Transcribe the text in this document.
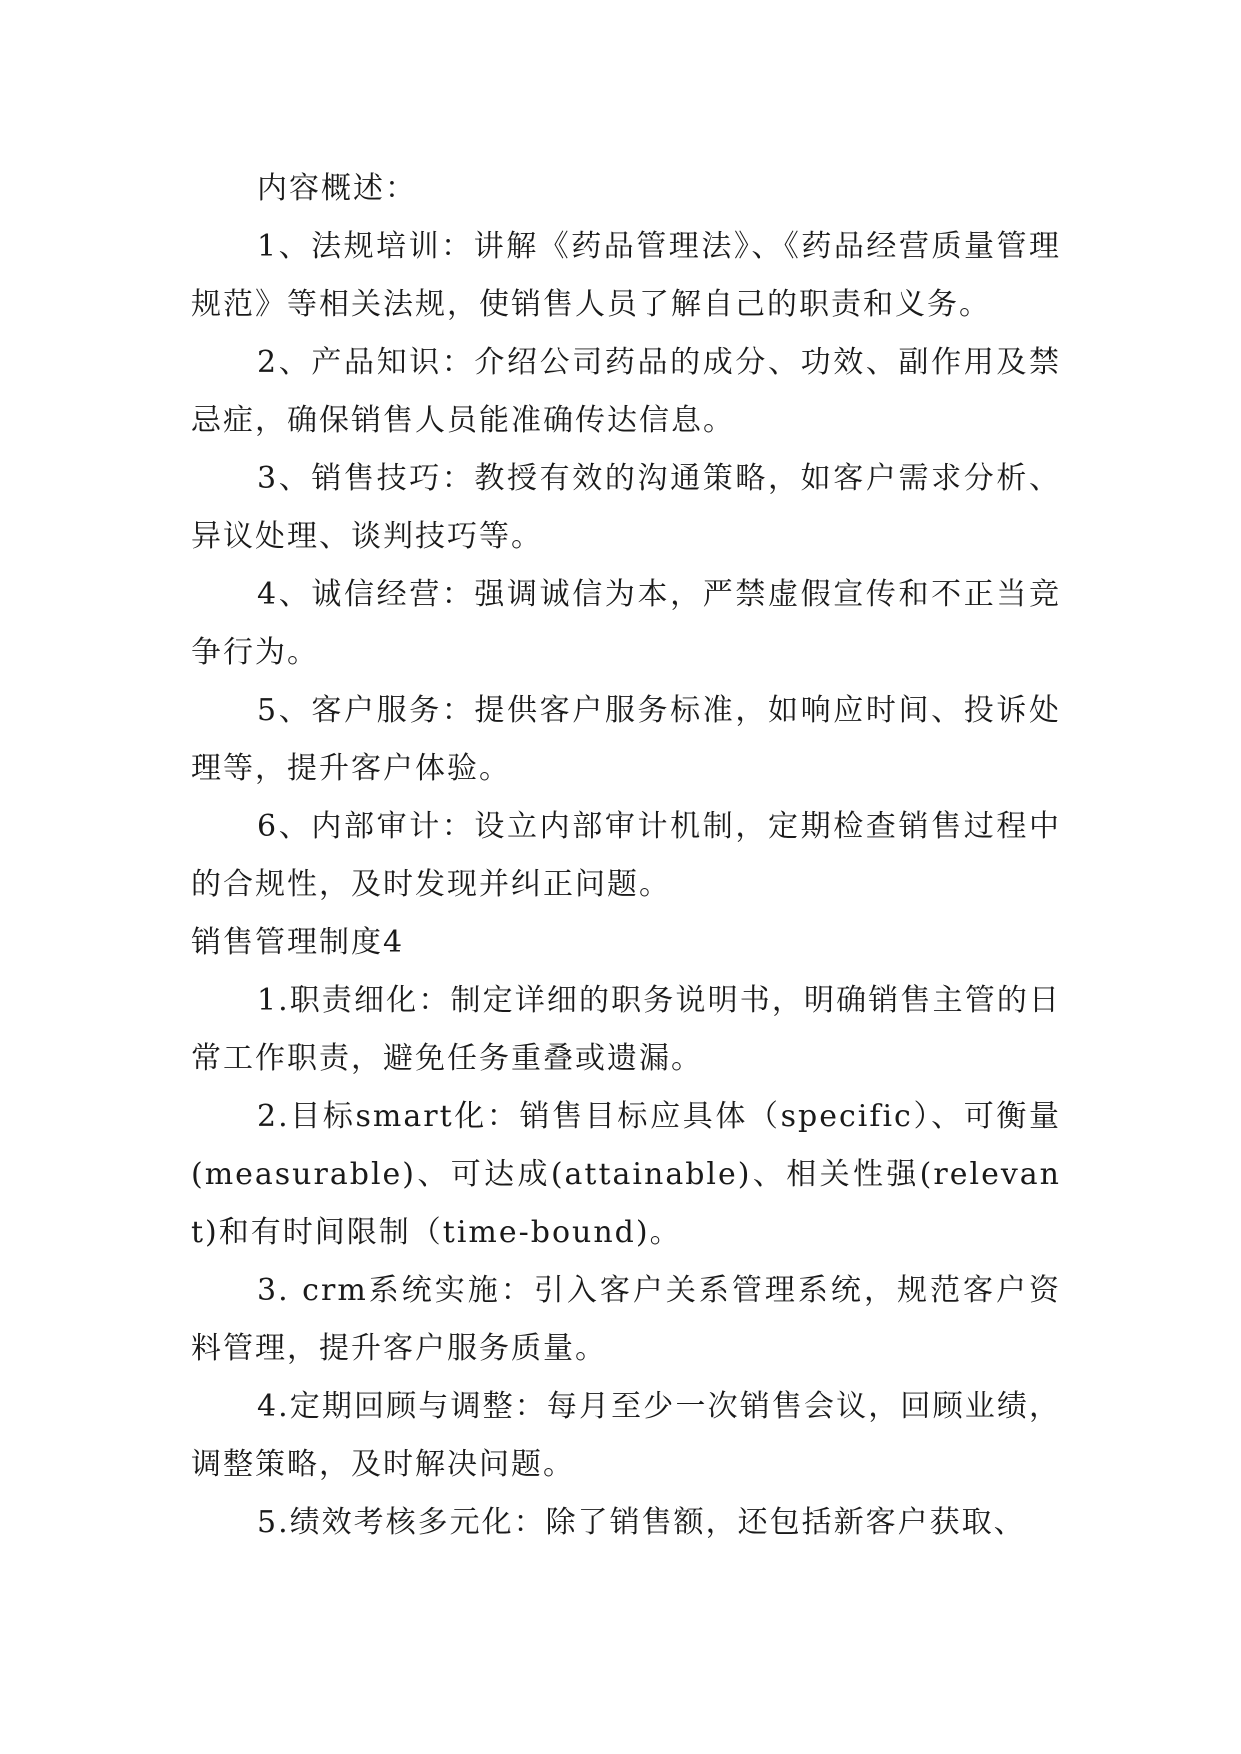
内容概述：

1、法规培训：讲解《药品管理法》、《药品经营质量管理规范》等相关法规，使销售人员了解自己的职责和义务。

2、产品知识：介绍公司药品的成分、功效、副作用及禁忌症，确保销售人员能准确传达信息。

3、销售技巧：教授有效的沟通策略，如客户需求分析、异议处理、谈判技巧等。

4、诚信经营：强调诚信为本，严禁虚假宣传和不正当竞争行为。

5、客户服务：提供客户服务标准，如响应时间、投诉处理等，提升客户体验。

6、内部审计：设立内部审计机制，定期检查销售过程中的合规性，及时发现并纠正问题。

销售管理制度4

1.职责细化：制定详细的职务说明书，明确销售主管的日常工作职责，避免任务重叠或遗漏。

2.目标smart化：销售目标应具体（specific）、可衡量(measurable)、可达成(attainable)、相关性强(relevant)和有时间限制（time-bound)。

3. crm系统实施：引入客户关系管理系统，规范客户资料管理，提升客户服务质量。

4.定期回顾与调整：每月至少一次销售会议，回顾业绩，调整策略，及时解决问题。

5.绩效考核多元化：除了销售额，还包括新客户获取、
